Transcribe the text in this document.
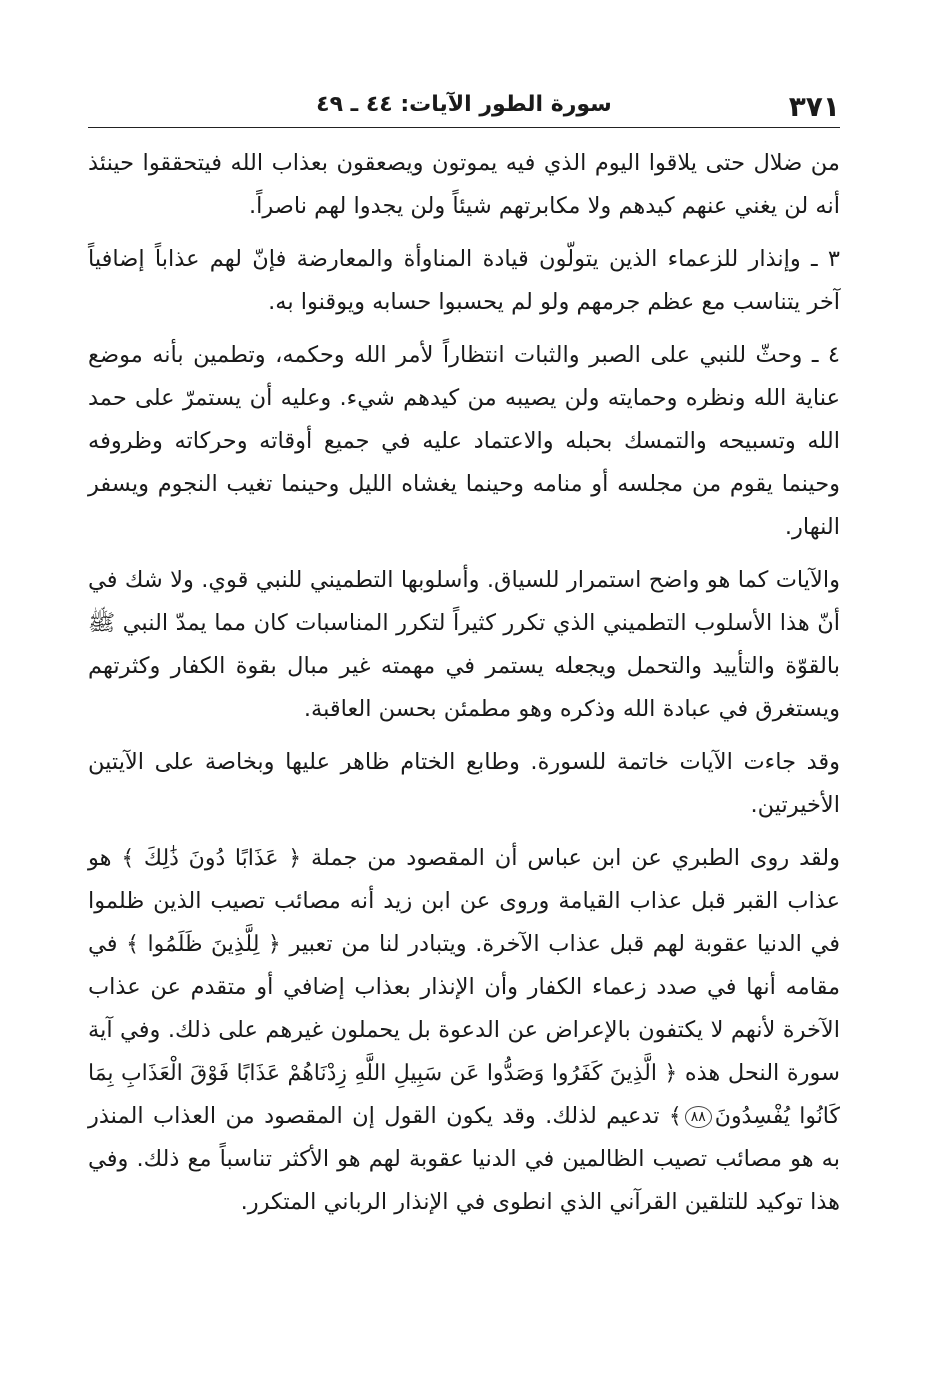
٣٧١
سورة الطور الآيات: ٤٤ ـ ٤٩

من ضلال حتى يلاقوا اليوم الذي فيه يموتون ويصعقون بعذاب الله فيتحققوا حينئذ أنه لن يغني عنهم كيدهم ولا مكابرتهم شيئاً ولن يجدوا لهم ناصراً.

٣ ـ وإنذار للزعماء الذين يتولّون قيادة المناوأة والمعارضة فإنّ لهم عذاباً إضافياً آخر يتناسب مع عظم جرمهم ولو لم يحسبوا حسابه ويوقنوا به.

٤ ـ وحثّ للنبي على الصبر والثبات انتظاراً لأمر الله وحكمه، وتطمين بأنه موضع عناية الله ونظره وحمايته ولن يصيبه من كيدهم شيء. وعليه أن يستمرّ على حمد الله وتسبيحه والتمسك بحبله والاعتماد عليه في جميع أوقاته وحركاته وظروفه وحينما يقوم من مجلسه أو منامه وحينما يغشاه الليل وحينما تغيب النجوم ويسفر النهار.

والآيات كما هو واضح استمرار للسياق. وأسلوبها التطميني للنبي قوي. ولا شك في أنّ هذا الأسلوب التطميني الذي تكرر كثيراً لتكرر المناسبات كان مما يمدّ النبي ﷺ بالقوّة والتأييد والتحمل ويجعله يستمر في مهمته غير مبال بقوة الكفار وكثرتهم ويستغرق في عبادة الله وذكره وهو مطمئن بحسن العاقبة.

وقد جاءت الآيات خاتمة للسورة. وطابع الختام ظاهر عليها وبخاصة على الآيتين الأخيرتين.

ولقد روى الطبري عن ابن عباس أن المقصود من جملة ﴿ عَذَابًا دُونَ ذَٰلِكَ ﴾ هو عذاب القبر قبل عذاب القيامة وروى عن ابن زيد أنه مصائب تصيب الذين ظلموا في الدنيا عقوبة لهم قبل عذاب الآخرة. ويتبادر لنا من تعبير ﴿ لِلَّذِينَ ظَلَمُوا ﴾ في مقامه أنها في صدد زعماء الكفار وأن الإنذار بعذاب إضافي أو متقدم عن عذاب الآخرة لأنهم لا يكتفون بالإعراض عن الدعوة بل يحملون غيرهم على ذلك. وفي آية سورة النحل هذه ﴿ الَّذِينَ كَفَرُوا وَصَدُّوا عَن سَبِيلِ اللَّهِ زِدْنَاهُمْ عَذَابًا فَوْقَ الْعَذَابِ بِمَا كَانُوا يُفْسِدُونَ٨٨﴾ تدعيم لذلك. وقد يكون القول إن المقصود من العذاب المنذر به هو مصائب تصيب الظالمين في الدنيا عقوبة لهم هو الأكثر تناسباً مع ذلك. وفي هذا توكيد للتلقين القرآني الذي انطوى في الإنذار الرباني المتكرر.
